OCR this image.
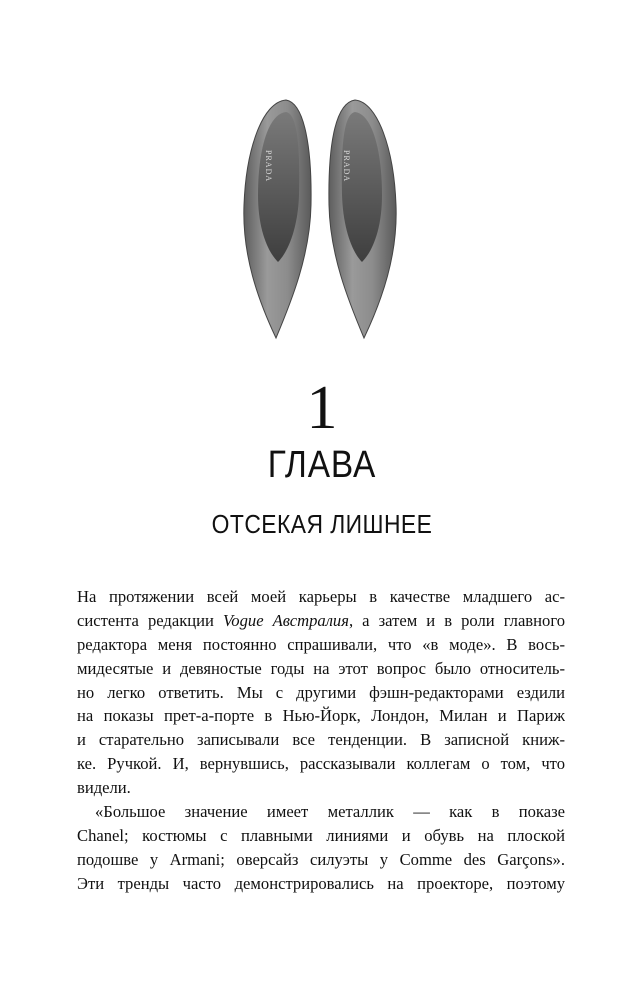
PRADA	PRADA
1
ГЛАВА
ОТСЕКАЯ ЛИШНЕЕ
На протяжении всей моей карьеры в качестве младшего ас-
систента редакции Vogue Австралия, а затем и в роли главного
редактора меня постоянно спрашивали, что «в моде». В вось-
мидесятые и девяностые годы на этот вопрос было относитель-
но легко ответить. Мы с другими фэшн-редакторами ездили
на показы прет-а-порте в Нью-Йорк, Лондон, Милан и Париж
и старательно записывали все тенденции. В записной книж-
ке. Ручкой. И, вернувшись, рассказывали коллегам о том, что
видели.
«Большое значение имеет металлик — как в показе
Chanel; костюмы с плавными линиями и обувь на плоской
подошве у Armani; оверсайз силуэты у Comme des Garçons».
Эти тренды часто демонстрировались на проекторе, поэтому
